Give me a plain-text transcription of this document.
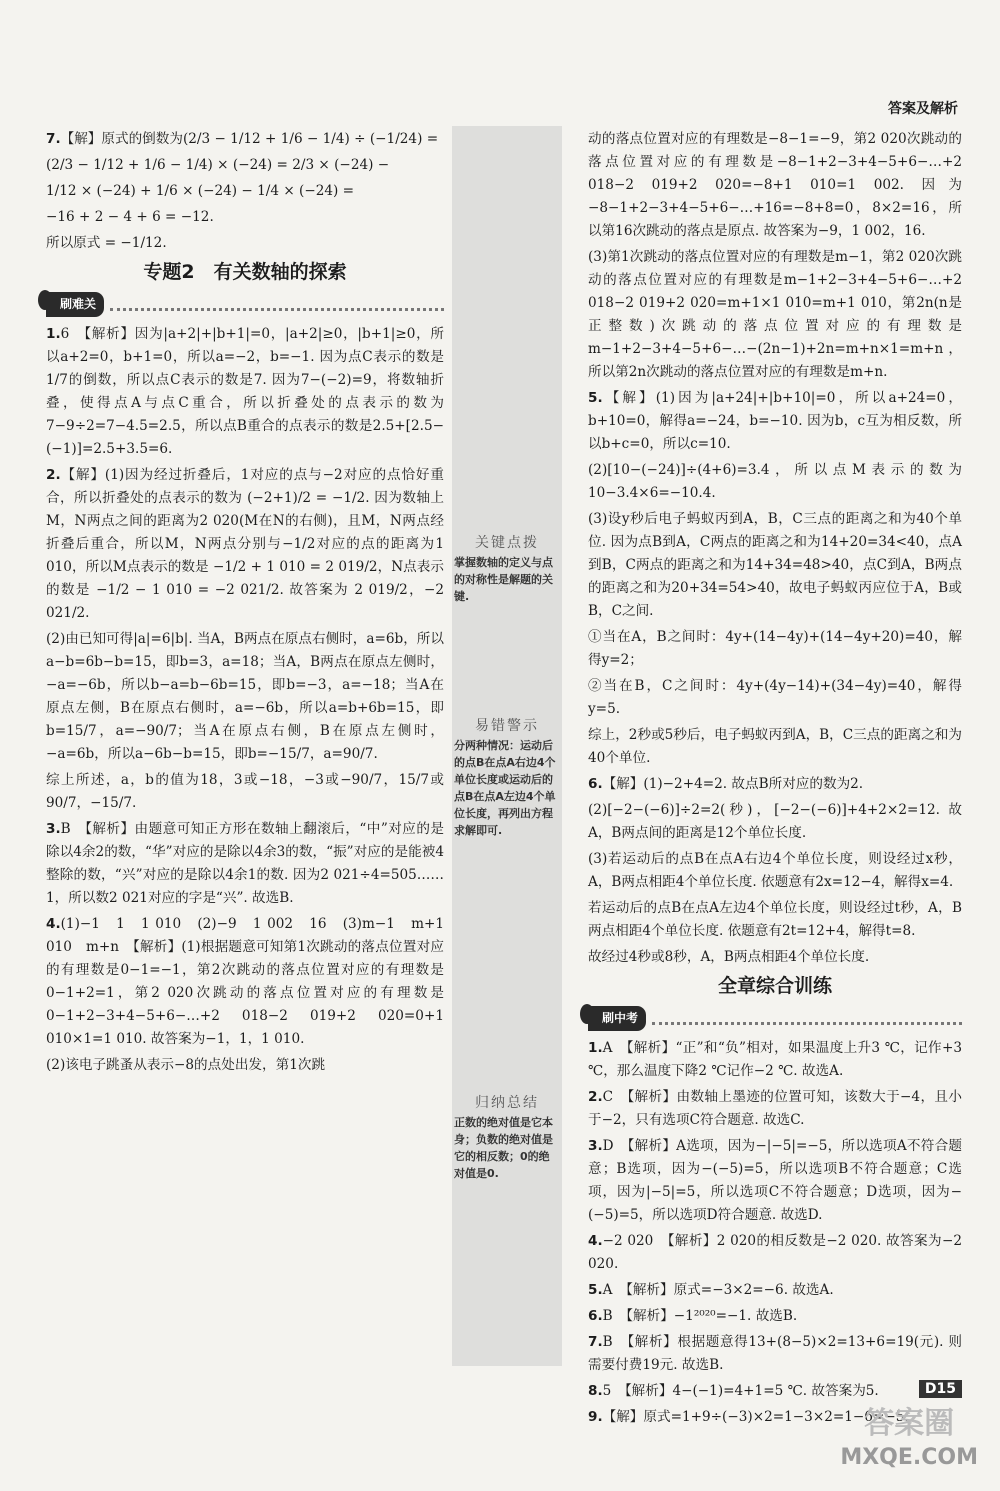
答案及解析

7.【解】原式的倒数为(2/3 − 1/12 + 1/6 − 1/4) ÷ (−1/24) =

(2/3 − 1/12 + 1/6 − 1/4) × (−24) = 2/3 × (−24) −

1/12 × (−24) + 1/6 × (−24) − 1/4 × (−24) =

−16 + 2 − 4 + 6 = −12.

所以原式 = −1/12.

专题2　有关数轴的探索
刷难关

1.6　【解析】因为|a+2|+|b+1|=0，|a+2|≥0，|b+1|≥0，所以a+2=0，b+1=0，所以a=−2，b=−1. 因为点C表示的数是1/7的倒数，所以点C表示的数是7. 因为7−(−2)=9，将数轴折叠，使得点A与点C重合，所以折叠处的点表示的数为7−9÷2=7−4.5=2.5，所以点B重合的点表示的数是2.5+[2.5−(−1)]=2.5+3.5=6.

2.【解】(1)因为经过折叠后，1对应的点与−2对应的点恰好重合，所以折叠处的点表示的数为 (−2+1)/2 = −1/2. 因为数轴上M，N两点之间的距离为2 020(M在N的右侧)，且M，N两点经折叠后重合，所以M，N两点分别与−1/2对应的点的距离为1 010，所以M点表示的数是 −1/2 + 1 010 = 2 019/2，N点表示的数是 −1/2 − 1 010 = −2 021/2. 故答案为 2 019/2，−2 021/2.

(2)由已知可得|a|=6|b|. 当A，B两点在原点右侧时，a=6b，所以a−b=6b−b=15，即b=3，a=18；当A，B两点在原点左侧时，−a=−6b，所以b−a=b−6b=15，即b=−3，a=−18；当A在原点左侧，B在原点右侧时，a=−6b，所以a=b+6b=15，即b=15/7，a=−90/7；当A在原点右侧，B在原点左侧时，−a=6b，所以a−6b−b=15，即b=−15/7，a=90/7.

综上所述，a，b的值为18，3或−18，−3或−90/7，15/7或90/7，−15/7.

3.B　【解析】由题意可知正方形在数轴上翻滚后，“中”对应的是除以4余2的数，“华”对应的是除以4余3的数，“振”对应的是能被4整除的数，“兴”对应的是除以4余1的数. 因为2 021÷4=505……1，所以数2 021对应的字是“兴”. 故选B.

4.(1)−1　1　1 010　(2)−9　1 002　16　(3)m−1　m+1 010　m+n　【解析】(1)根据题意可知第1次跳动的落点位置对应的有理数是0−1=−1，第2次跳动的落点位置对应的有理数是0−1+2=1，第2 020次跳动的落点位置对应的有理数是0−1+2−3+4−5+6−…+2 018−2 019+2 020=0+1 010×1=1 010. 故答案为−1，1，1 010.

(2)该电子跳蚤从表示−8的点处出发，第1次跳

关键点拨
掌握数轴的定义与点的对称性是解题的关键.
易错警示
分两种情况：运动后的点B在点A右边4个单位长度或运动后的点B在点A左边4个单位长度，再列出方程求解即可.
归纳总结
正数的绝对值是它本身；负数的绝对值是它的相反数；0的绝对值是0.

动的落点位置对应的有理数是−8−1=−9，第2 020次跳动的落点位置对应的有理数是−8−1+2−3+4−5+6−…+2 018−2 019+2 020=−8+1 010=1 002. 因为−8−1+2−3+4−5+6−…+16=−8+8=0，8×2=16，所以第16次跳动的落点是原点. 故答案为−9，1 002，16.

(3)第1次跳动的落点位置对应的有理数是m−1，第2 020次跳动的落点位置对应的有理数是m−1+2−3+4−5+6−…+2 018−2 019+2 020=m+1×1 010=m+1 010，第2n(n是正整数)次跳动的落点位置对应的有理数是m−1+2−3+4−5+6−…−(2n−1)+2n=m+n×1=m+n，所以第2n次跳动的落点位置对应的有理数是m+n.

5.【解】(1)因为|a+24|+|b+10|=0，所以a+24=0，b+10=0，解得a=−24，b=−10. 因为b，c互为相反数，所以b+c=0，所以c=10.

(2)[10−(−24)]÷(4+6)=3.4，所以点M表示的数为10−3.4×6=−10.4.

(3)设y秒后电子蚂蚁丙到A，B，C三点的距离之和为40个单位. 因为点B到A，C两点的距离之和为14+20=34<40，点A到B，C两点的距离之和为14+34=48>40，点C到A，B两点的距离之和为20+34=54>40，故电子蚂蚁丙应位于A，B或B，C之间.

①当在A，B之间时：4y+(14−4y)+(14−4y+20)=40，解得y=2；

②当在B，C之间时：4y+(4y−14)+(34−4y)=40，解得y=5.

综上，2秒或5秒后，电子蚂蚁丙到A，B，C三点的距离之和为40个单位.

6.【解】(1)−2+4=2. 故点B所对应的数为2.

(2)[−2−(−6)]÷2=2(秒)，[−2−(−6)]+4+2×2=12. 故A，B两点间的距离是12个单位长度.

(3)若运动后的点B在点A右边4个单位长度，则设经过x秒，A，B两点相距4个单位长度. 依题意有2x=12−4，解得x=4.

若运动后的点B在点A左边4个单位长度，则设经过t秒，A，B两点相距4个单位长度. 依题意有2t=12+4，解得t=8.

故经过4秒或8秒，A，B两点相距4个单位长度.

全章综合训练
刷中考

1.A　【解析】“正”和“负”相对，如果温度上升3 ℃，记作+3 ℃，那么温度下降2 ℃记作−2 ℃. 故选A.

2.C　【解析】由数轴上墨迹的位置可知，该数大于−4，且小于−2，只有选项C符合题意. 故选C.

3.D　【解析】A选项，因为−|−5|=−5，所以选项A不符合题意；B选项，因为−(−5)=5，所以选项B不符合题意；C选项，因为|−5|=5，所以选项C不符合题意；D选项，因为−(−5)=5，所以选项D符合题意. 故选D.

4.−2 020　【解析】2 020的相反数是−2 020. 故答案为−2 020.

5.A　【解析】原式=−3×2=−6. 故选A.

6.B　【解析】−1²⁰²⁰=−1. 故选B.

7.B　【解析】根据题意得13+(8−5)×2=13+6=19(元). 则需要付费19元. 故选B.

8.5　【解析】4−(−1)=4+1=5 ℃. 故答案为5.

9.【解】原式=1+9÷(−3)×2=1−3×2=1−6=−5.

D15
答案圈
MXQE.COM
